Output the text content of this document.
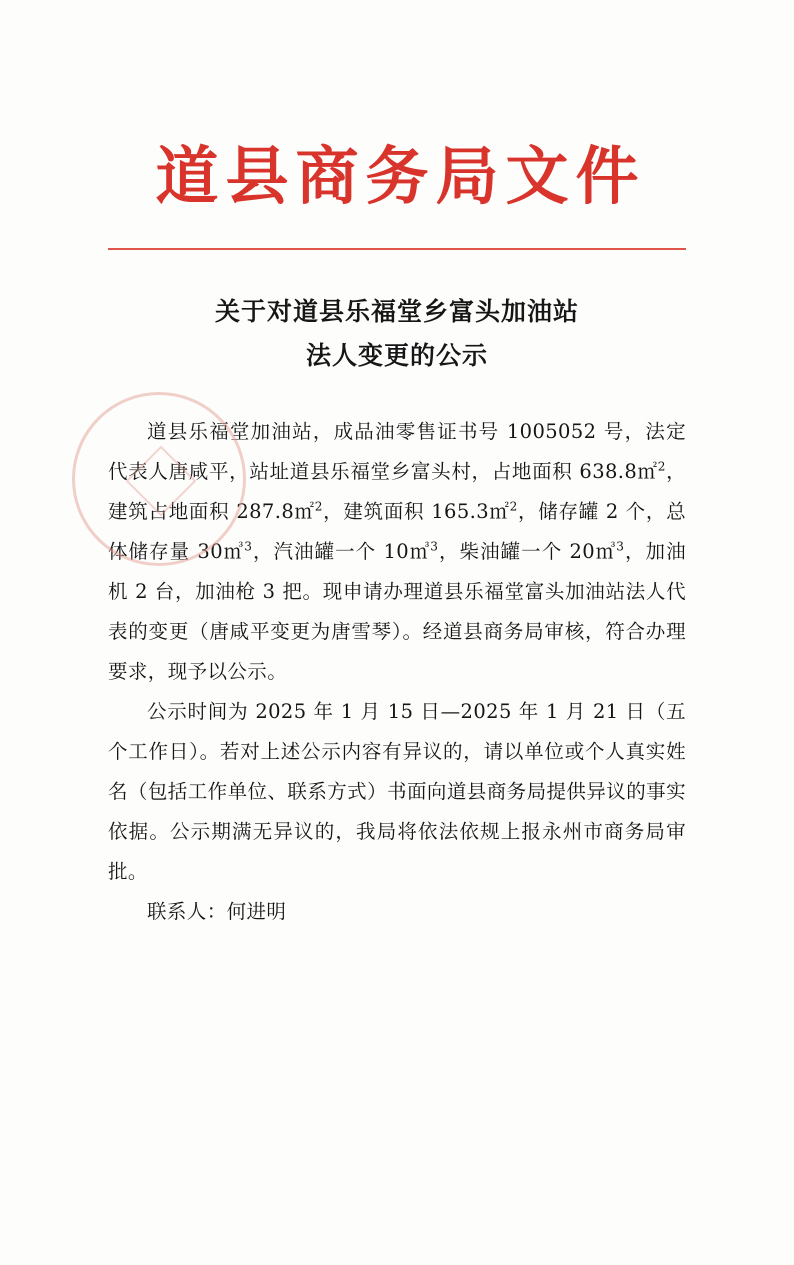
道县商务局文件
关于对道县乐福堂乡富头加油站
法人变更的公示

道县乐福堂加油站，成品油零售证书号 1005052 号，法定代表人唐咸平，站址道县乐福堂乡富头村，占地面积 638.8㎡$^2$，建筑占地面积 287.8㎡$^2$，建筑面积 165.3㎡$^2$，储存罐 2 个，总体储存量 30㎥$^3$，汽油罐一个 10㎥$^3$，柴油罐一个 20㎥$^3$，加油机 2 台，加油枪 3 把。现申请办理道县乐福堂富头加油站法人代表的变更（唐咸平变更为唐雪琴）。经道县商务局审核，符合办理要求，现予以公示。

公示时间为 2025 年 1 月 15 日—2025 年 1 月 21 日（五个工作日）。若对上述公示内容有异议的，请以单位或个人真实姓名（包括工作单位、联系方式）书面向道县商务局提供异议的事实依据。公示期满无异议的，我局将依法依规上报永州市商务局审批。

联系人：何进明
